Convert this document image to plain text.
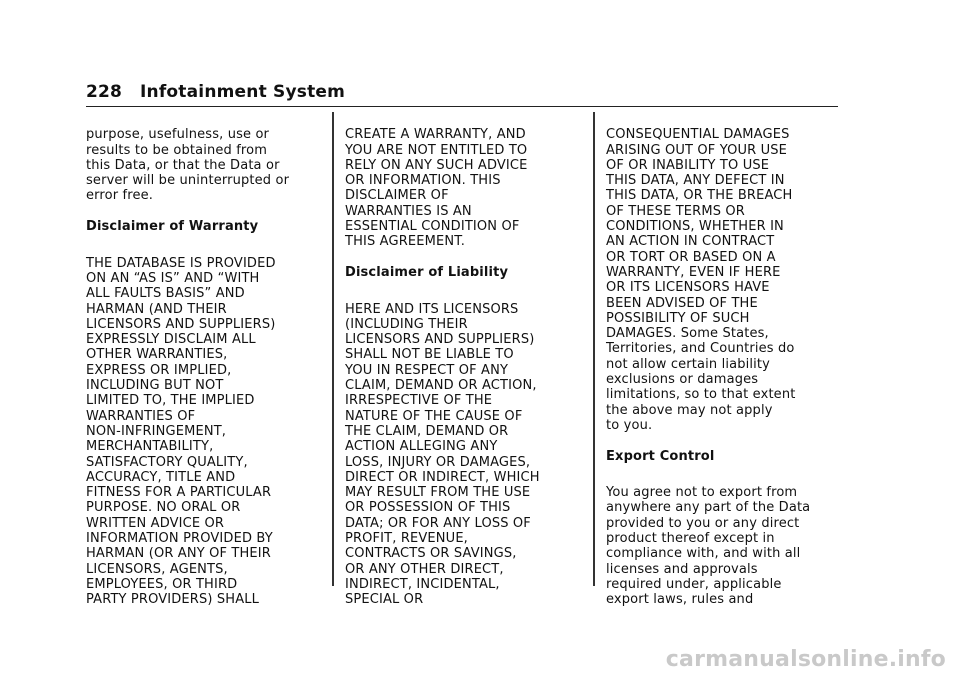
228 Infotainment System

purpose, usefulness, use or
results to be obtained from
this Data, or that the Data or
server will be uninterrupted or
error free.

Disclaimer of Warranty

THE DATABASE IS PROVIDED
ON AN “AS IS” AND “WITH
ALL FAULTS BASIS” AND
HARMAN (AND THEIR
LICENSORS AND SUPPLIERS)
EXPRESSLY DISCLAIM ALL
OTHER WARRANTIES,
EXPRESS OR IMPLIED,
INCLUDING BUT NOT
LIMITED TO, THE IMPLIED
WARRANTIES OF
NON-INFRINGEMENT,
MERCHANTABILITY,
SATISFACTORY QUALITY,
ACCURACY, TITLE AND
FITNESS FOR A PARTICULAR
PURPOSE. NO ORAL OR
WRITTEN ADVICE OR
INFORMATION PROVIDED BY
HARMAN (OR ANY OF THEIR
LICENSORS, AGENTS,
EMPLOYEES, OR THIRD
PARTY PROVIDERS) SHALL

CREATE A WARRANTY, AND
YOU ARE NOT ENTITLED TO
RELY ON ANY SUCH ADVICE
OR INFORMATION. THIS
DISCLAIMER OF
WARRANTIES IS AN
ESSENTIAL CONDITION OF
THIS AGREEMENT.

Disclaimer of Liability

HERE AND ITS LICENSORS
(INCLUDING THEIR
LICENSORS AND SUPPLIERS)
SHALL NOT BE LIABLE TO
YOU IN RESPECT OF ANY
CLAIM, DEMAND OR ACTION,
IRRESPECTIVE OF THE
NATURE OF THE CAUSE OF
THE CLAIM, DEMAND OR
ACTION ALLEGING ANY
LOSS, INJURY OR DAMAGES,
DIRECT OR INDIRECT, WHICH
MAY RESULT FROM THE USE
OR POSSESSION OF THIS
DATA; OR FOR ANY LOSS OF
PROFIT, REVENUE,
CONTRACTS OR SAVINGS,
OR ANY OTHER DIRECT,
INDIRECT, INCIDENTAL,
SPECIAL OR

CONSEQUENTIAL DAMAGES
ARISING OUT OF YOUR USE
OF OR INABILITY TO USE
THIS DATA, ANY DEFECT IN
THIS DATA, OR THE BREACH
OF THESE TERMS OR
CONDITIONS, WHETHER IN
AN ACTION IN CONTRACT
OR TORT OR BASED ON A
WARRANTY, EVEN IF HERE
OR ITS LICENSORS HAVE
BEEN ADVISED OF THE
POSSIBILITY OF SUCH
DAMAGES. Some States,
Territories, and Countries do
not allow certain liability
exclusions or damages
limitations, so to that extent
the above may not apply
to you.

Export Control

You agree not to export from
anywhere any part of the Data
provided to you or any direct
product thereof except in
compliance with, and with all
licenses and approvals
required under, applicable
export laws, rules and

carmanualsonline.info
